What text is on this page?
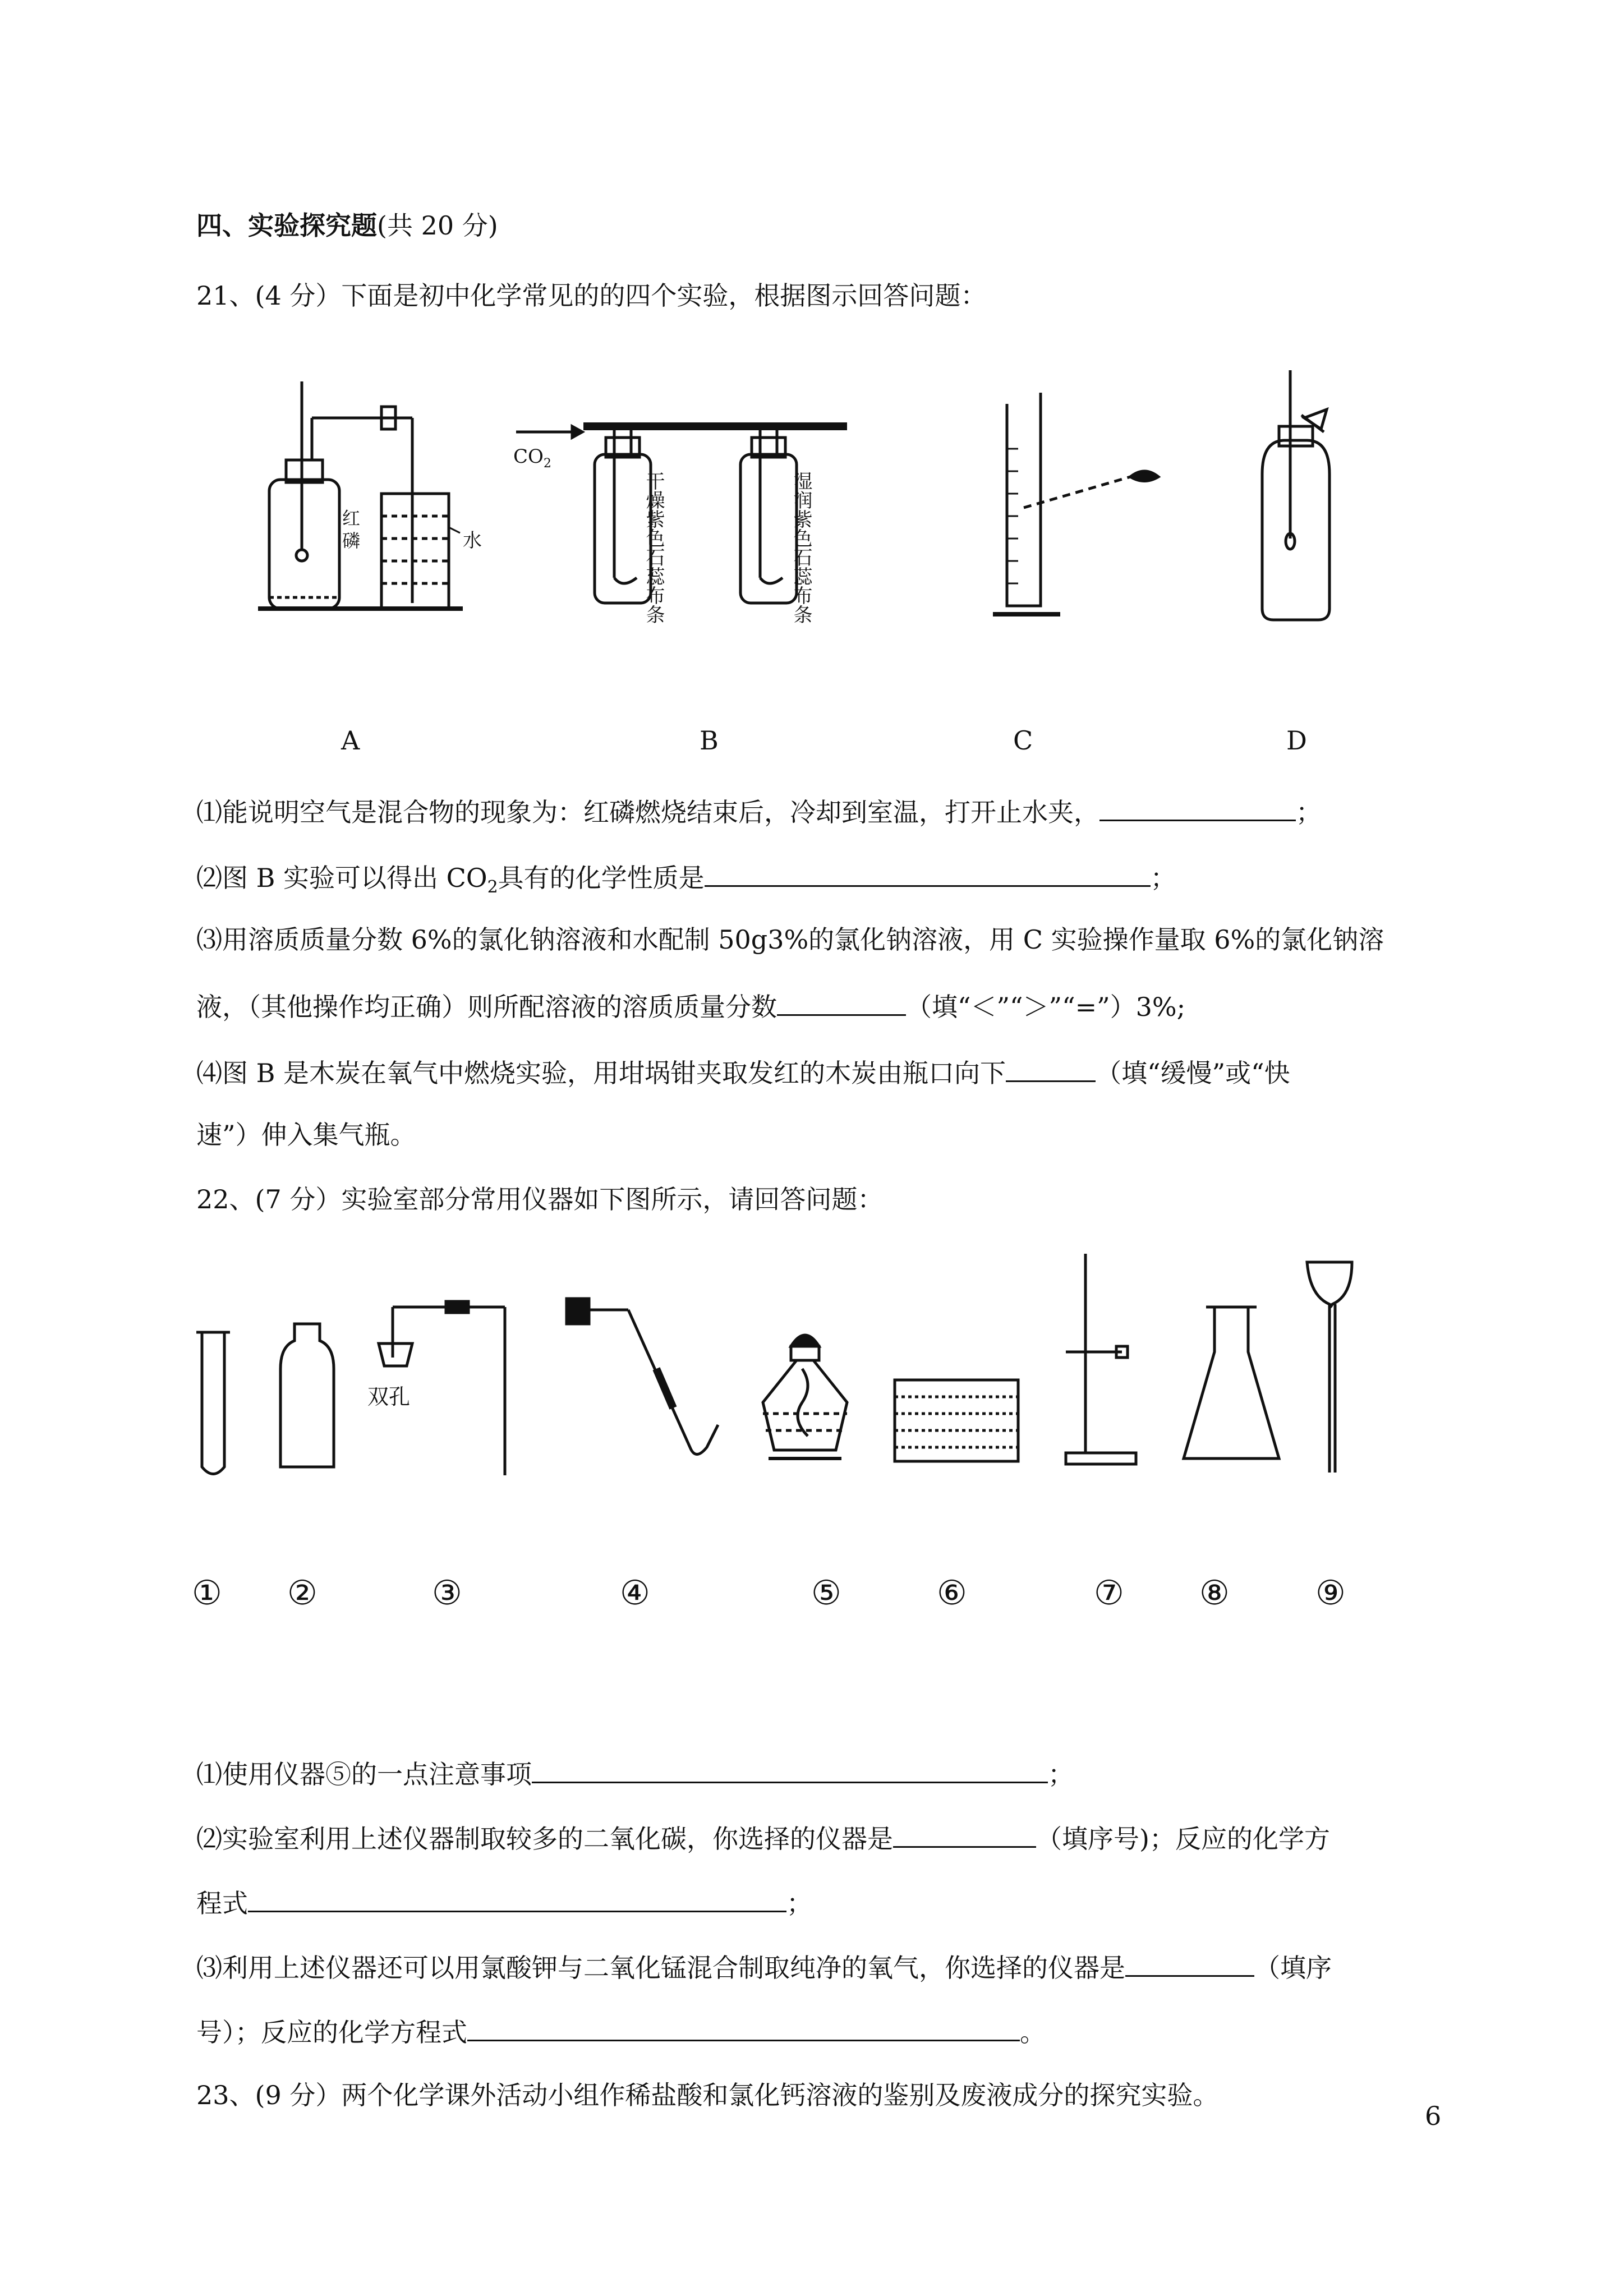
四、实验探究题(共 20 分)
21、(4 分）下面是初中化学常见的的四个实验，根据图示回答问题：
红
磷	水
$CO_2$
干燥紫色石蕊布条	湿润紫色石蕊布条
A	B	C	D
⑴能说明空气是混合物的现象为：红磷燃烧结束后，冷却到室温，打开止水夹，	；
⑵图 B 实验可以得出 $CO_2$具有的化学性质是	；
⑶用溶质质量分数 6%的氯化钠溶液和水配制 50g3%的氯化钠溶液，用 C 实验操作量取 6%的氯化钠溶
液，（其他操作均正确）则所配溶液的溶质质量分数	（填“＜”“＞”“=”）3%;
⑷图 B 是木炭在氧气中燃烧实验，用坩埚钳夹取发红的木炭由瓶口向下	（填“缓慢”或“快
速”）伸入集气瓶。
22、(7 分）实验室部分常用仪器如下图所示，请回答问题：
双孔
① ②	③	④	⑤	⑥	⑦ ⑧	⑨
⑴使用仪器⑤的一点注意事项	；
⑵实验室利用上述仪器制取较多的二氧化碳，你选择的仪器是	（填序号)；反应的化学方
程式	；
⑶利用上述仪器还可以用氯酸钾与二氧化锰混合制取纯净的氧气，你选择的仪器是	（填序
号）；反应的化学方程式	。
23、(9 分）两个化学课外活动小组作稀盐酸和氯化钙溶液的鉴别及废液成分的探究实验。
6
